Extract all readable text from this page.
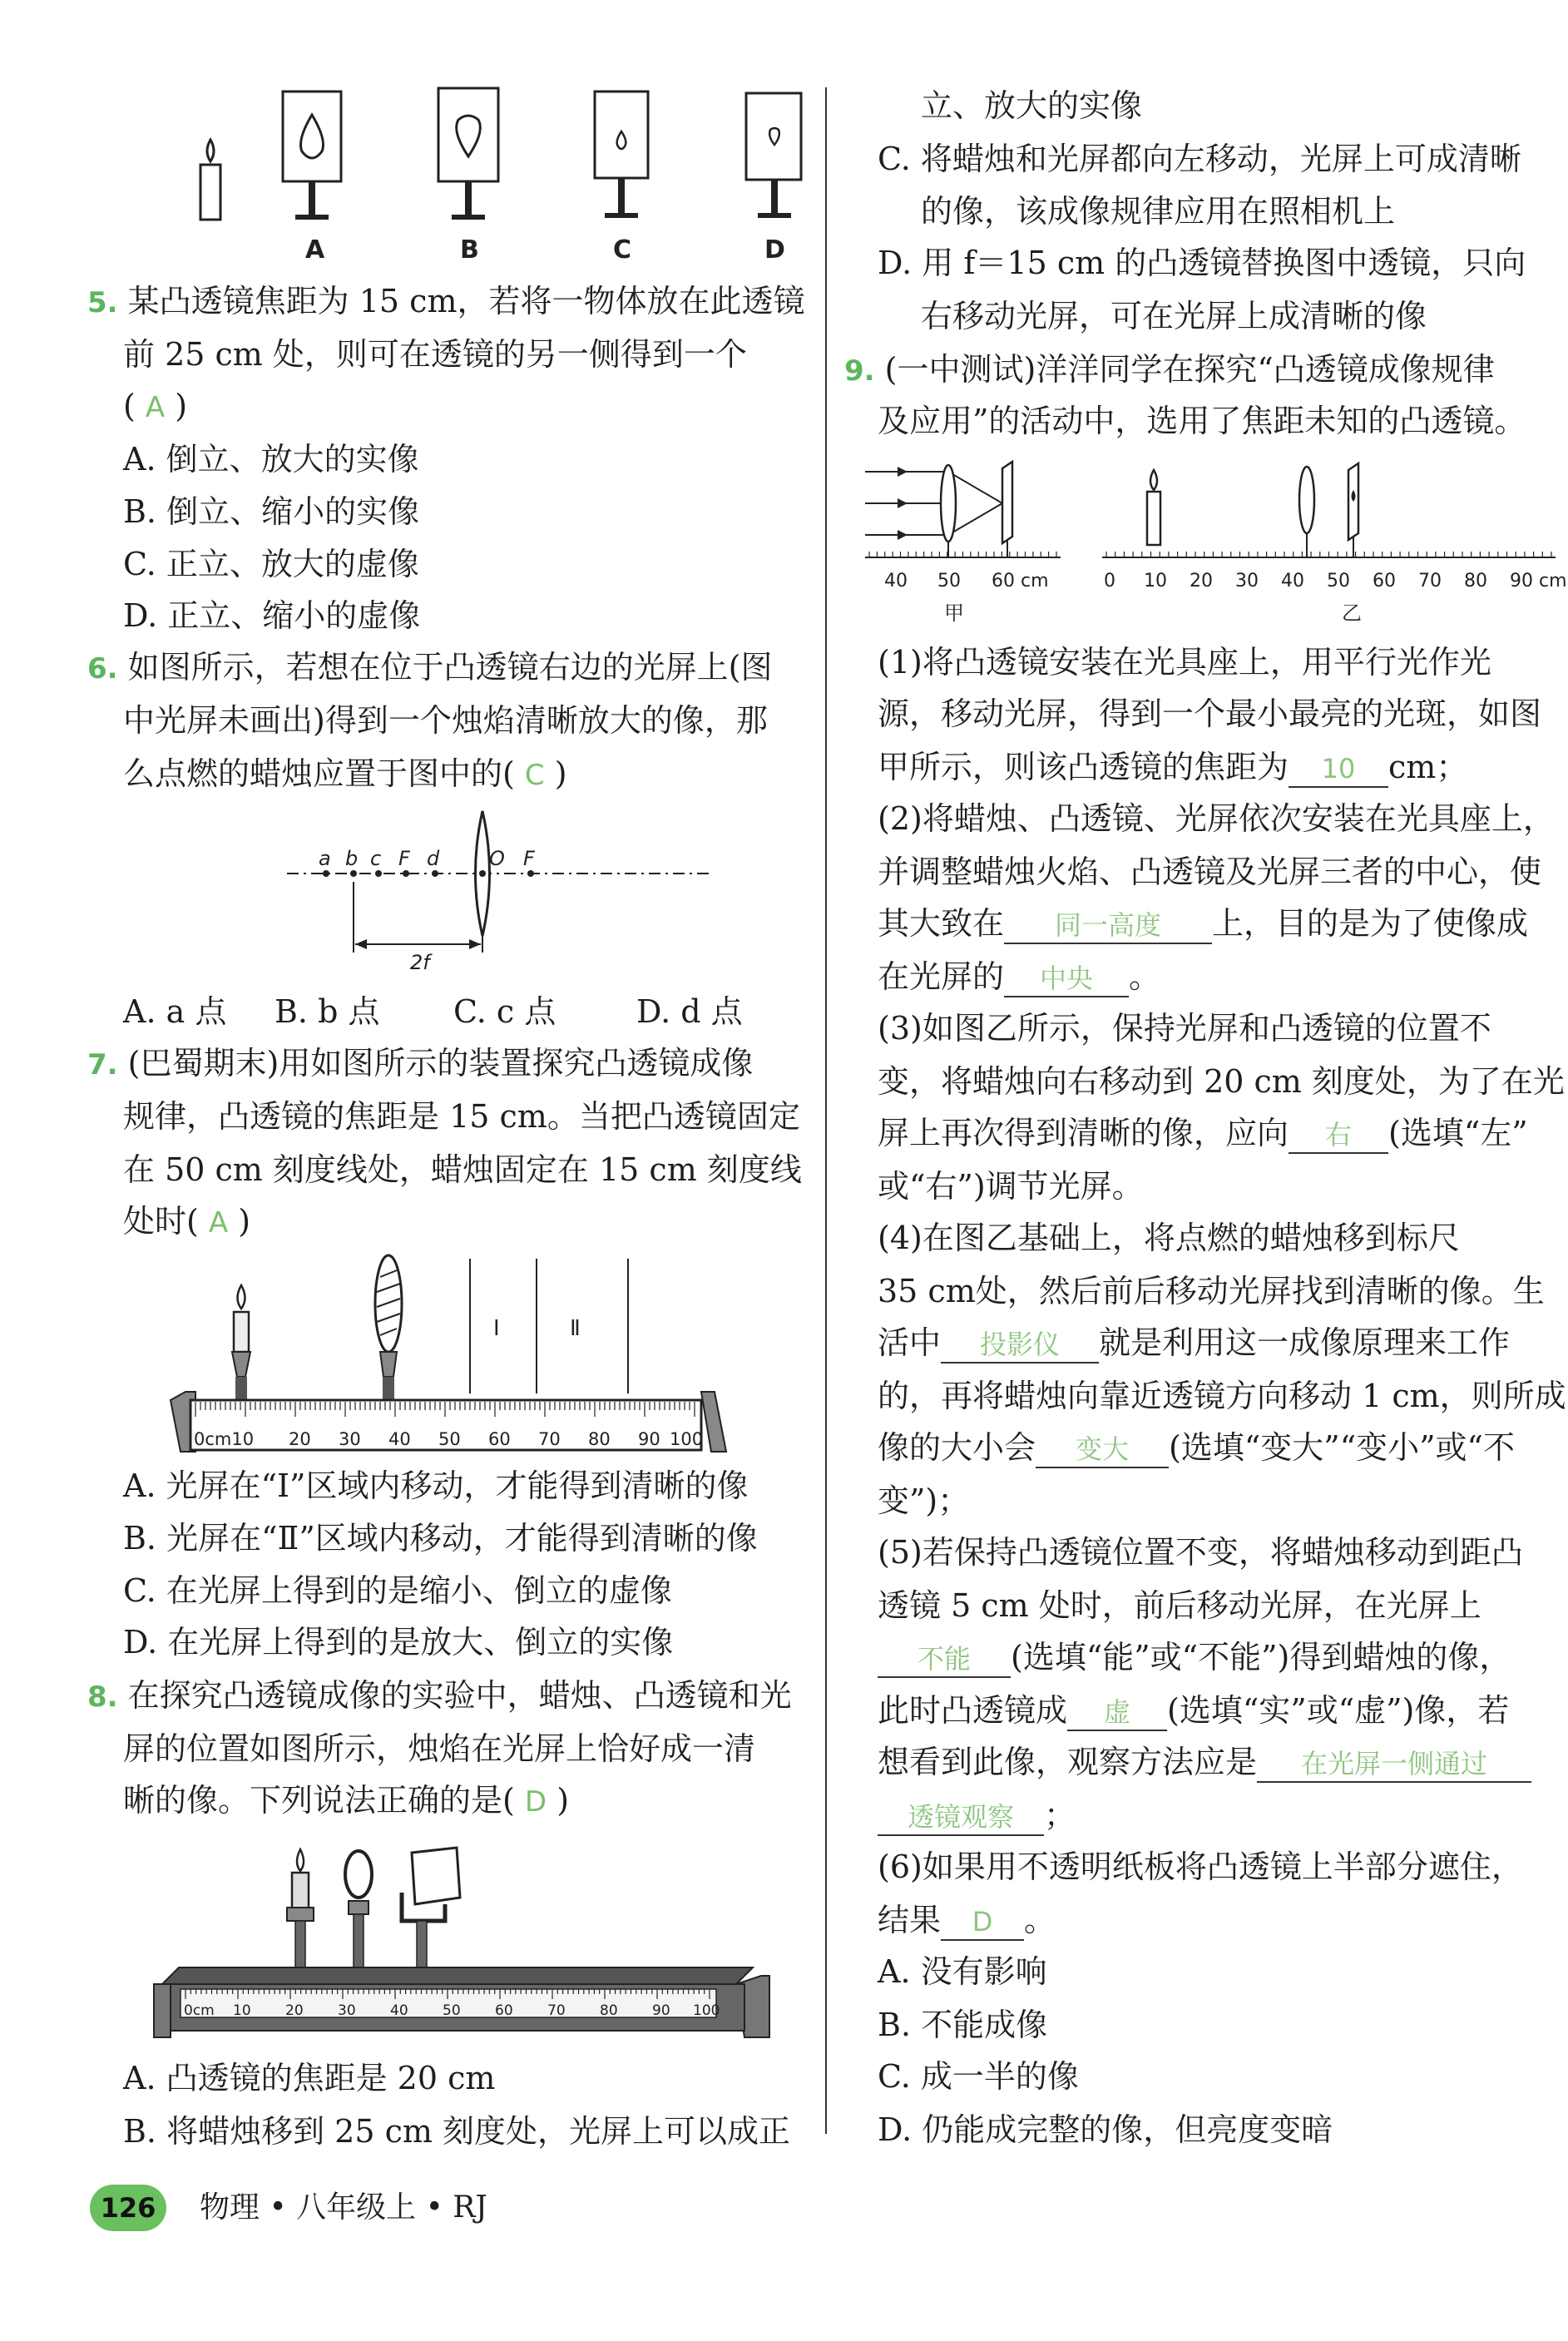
A	B	C	D
5. 某凸透镜焦距为 15 cm，若将一物体放在此透镜
前 25 cm 处，则可在透镜的另一侧得到一个
( A )
A. 倒立、放大的实像
B. 倒立、缩小的实像
C. 正立、放大的虚像
D. 正立、缩小的虚像
6. 如图所示，若想在位于凸透镜右边的光屏上(图
中光屏未画出)得到一个烛焰清晰放大的像，那
么点燃的蜡烛应置于图中的( C )
a b c F d O F
2f
A. a 点 B. b 点 C. c 点	D. d 点
7. (巴蜀期末)用如图所示的装置探究凸透镜成像
规律，凸透镜的焦距是 15 cm。当把凸透镜固定
在 50 cm 刻度线处，蜡烛固定在 15 cm 刻度线
处时( A )
Ⅰ	Ⅱ
0cm10 20 30 40 50 60 70 80 90 100
A. 光屏在“Ⅰ”区域内移动，才能得到清晰的像
B. 光屏在“Ⅱ”区域内移动，才能得到清晰的像
C. 在光屏上得到的是缩小、倒立的虚像
D. 在光屏上得到的是放大、倒立的实像
8. 在探究凸透镜成像的实验中，蜡烛、凸透镜和光
屏的位置如图所示，烛焰在光屏上恰好成一清
晰的像。下列说法正确的是( D )
0cm 10 20 30 40 50 60 70 80 90 100
A. 凸透镜的焦距是 20 cm
B. 将蜡烛移到 25 cm 刻度处，光屏上可以成正
立、放大的实像
C. 将蜡烛和光屏都向左移动，光屏上可成清晰
的像，该成像规律应用在照相机上
D. 用 f＝15 cm 的凸透镜替换图中透镜，只向
右移动光屏，可在光屏上成清晰的像
9. (一中测试)洋洋同学在探究“凸透镜成像规律
及应用”的活动中，选用了焦距未知的凸透镜。
40 50 60 cm
甲
0 10 20 30 40 50 60 70 80 90 cm
乙
(1)将凸透镜安装在光具座上，用平行光作光
源，移动光屏，得到一个最小最亮的光斑，如图
甲所示，则该凸透镜的焦距为 10 cm；
(2)将蜡烛、凸透镜、光屏依次安装在光具座上，
并调整蜡烛火焰、凸透镜及光屏三者的中心，使
其大致在 同一高度 上，目的是为了使像成
在光屏的 中央 。
(3)如图乙所示，保持光屏和凸透镜的位置不
变，将蜡烛向右移动到 20 cm 刻度处，为了在光
屏上再次得到清晰的像，应向 右 (选填“左”
或“右”)调节光屏。
(4)在图乙基础上，将点燃的蜡烛移到标尺
35 cm处，然后前后移动光屏找到清晰的像。生
活中 投影仪 就是利用这一成像原理来工作
的，再将蜡烛向靠近透镜方向移动 1 cm，则所成
像的大小会 变大 (选填“变大”“变小”或“不
变”)；
(5)若保持凸透镜位置不变，将蜡烛移动到距凸
透镜 5 cm 处时，前后移动光屏，在光屏上
不能 (选填“能”或“不能”)得到蜡烛的像，
此时凸透镜成 虚 (选填“实”或“虚”)像，若
想看到此像，观察方法应是 在光屏一侧通过
透镜观察 ；
(6)如果用不透明纸板将凸透镜上半部分遮住，
结果 D 。
A. 没有影响
B. 不能成像
C. 成一半的像
D. 仍能成完整的像，但亮度变暗
126	物理 • 八年级上 • RJ
